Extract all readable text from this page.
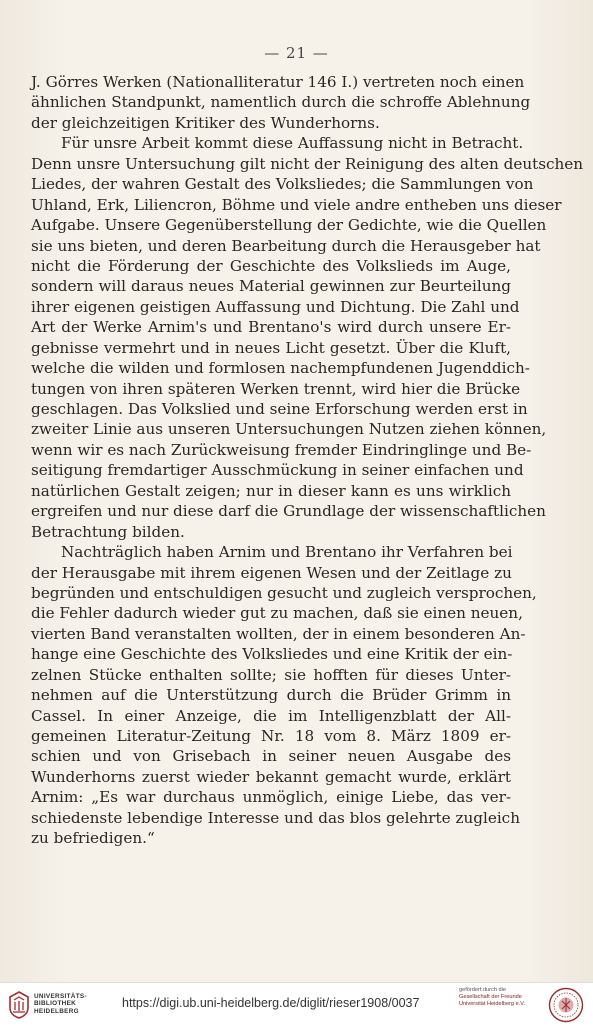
— 21 —
J. Görres Werken (Nationalliteratur 146 I.) vertreten noch einen
ähnlichen Standpunkt, namentlich durch die schroffe Ablehnung
der gleichzeitigen Kritiker des Wunderhorns.
Für unsre Arbeit kommt diese Auffassung nicht in Betracht.
Denn unsre Untersuchung gilt nicht der Reinigung des alten deutschen
Liedes, der wahren Gestalt des Volksliedes; die Sammlungen von
Uhland, Erk, Liliencron, Böhme und viele andre entheben uns dieser
Aufgabe. Unsere Gegenüberstellung der Gedichte, wie die Quellen
sie uns bieten, und deren Bearbeitung durch die Herausgeber hat
nicht die Förderung der Geschichte des Volkslieds im Auge,
sondern will daraus neues Material gewinnen zur Beurteilung
ihrer eigenen geistigen Auffassung und Dichtung. Die Zahl und
Art der Werke Arnim's und Brentano's wird durch unsere Er-
gebnisse vermehrt und in neues Licht gesetzt. Über die Kluft,
welche die wilden und formlosen nachempfundenen Jugenddich-
tungen von ihren späteren Werken trennt, wird hier die Brücke
geschlagen. Das Volkslied und seine Erforschung werden erst in
zweiter Linie aus unseren Untersuchungen Nutzen ziehen können,
wenn wir es nach Zurückweisung fremder Eindringlinge und Be-
seitigung fremdartiger Ausschmückung in seiner einfachen und
natürlichen Gestalt zeigen; nur in dieser kann es uns wirklich
ergreifen und nur diese darf die Grundlage der wissenschaftlichen
Betrachtung bilden.
Nachträglich haben Arnim und Brentano ihr Verfahren bei
der Herausgabe mit ihrem eigenen Wesen und der Zeitlage zu
begründen und entschuldigen gesucht und zugleich versprochen,
die Fehler dadurch wieder gut zu machen, daß sie einen neuen,
vierten Band veranstalten wollten, der in einem besonderen An-
hange eine Geschichte des Volksliedes und eine Kritik der ein-
zelnen Stücke enthalten sollte; sie hofften für dieses Unter-
nehmen auf die Unterstützung durch die Brüder Grimm in
Cassel. In einer Anzeige, die im Intelligenzblatt der All-
gemeinen Literatur-Zeitung Nr. 18 vom 8. März 1809 er-
schien und von Grisebach in seiner neuen Ausgabe des
Wunderhorns zuerst wieder bekannt gemacht wurde, erklärt
Arnim: „Es war durchaus unmöglich, einige Liebe, das ver-
schiedenste lebendige Interesse und das blos gelehrte zugleich
zu befriedigen.“
UNIVERSITÄTS-
BIBLIOTHEK
HEIDELBERG
https://digi.ub.uni-heidelberg.de/diglit/rieser1908/0037
gefördert durch die
Gesellschaft der Freunde
Universität Heidelberg e.V.
